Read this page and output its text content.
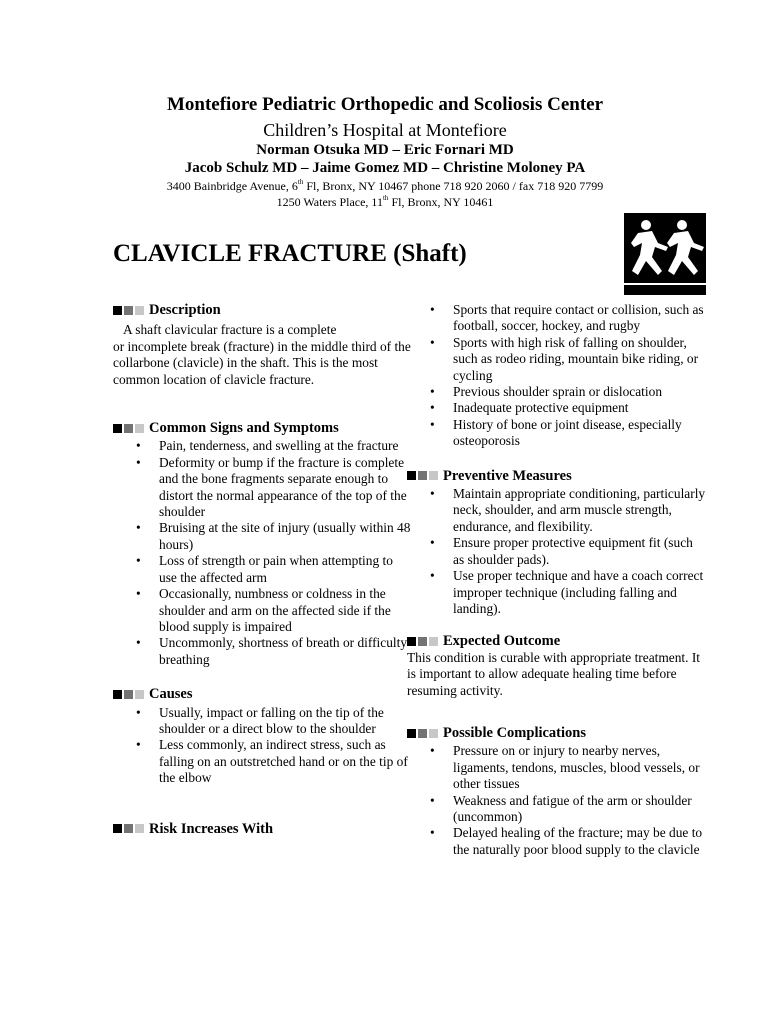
Montefiore Pediatric Orthopedic and Scoliosis Center
Children’s Hospital at Montefiore
Norman Otsuka MD – Eric Fornari MD
Jacob Schulz MD – Jaime Gomez MD – Christine Moloney PA
3400 Bainbridge Avenue, 6th Fl, Bronx, NY 10467 phone 718 920 2060 / fax 718 920 7799
1250 Waters Place, 11th Fl, Bronx, NY 10461
CLAVICLE FRACTURE (Shaft)
Description

A shaft clavicular fracture is a complete

or incomplete break (fracture) in the middle third of the collarbone (clavicle) in the shaft. This is the most common location of clavicle fracture.

Common Signs and Symptoms
• Pain, tenderness, and swelling at the fracture
• Deformity or bump if the fracture is complete and the bone fragments separate enough to distort the normal appearance of the top of the shoulder
• Bruising at the site of injury (usually within 48 hours)
• Loss of strength or pain when attempting to use the affected arm
• Occasionally, numbness or coldness in the shoulder and arm on the affected side if the blood supply is impaired
• Uncommonly, shortness of breath or difficulty breathing
Causes
• Usually, impact or falling on the tip of the shoulder or a direct blow to the shoulder
• Less commonly, an indirect stress, such as falling on an outstretched hand or on the tip of the elbow
Risk Increases With
• Sports that require contact or collision, such as football, soccer, hockey, and rugby
• Sports with high risk of falling on shoulder, such as rodeo riding, mountain bike riding, or cycling
• Previous shoulder sprain or dislocation
• Inadequate protective equipment
• History of bone or joint disease, especially osteoporosis
Preventive Measures
• Maintain appropriate conditioning, particularly neck, shoulder, and arm muscle strength, endurance, and flexibility.
• Ensure proper protective equipment fit (such as shoulder pads).
• Use proper technique and have a coach correct improper technique (including falling and landing).
Expected Outcome

This condition is curable with appropriate treatment. It is important to allow adequate healing time before resuming activity.

Possible Complications
• Pressure on or injury to nearby nerves, ligaments, tendons, muscles, blood vessels, or other tissues
• Weakness and fatigue of the arm or shoulder (uncommon)
• Delayed healing of the fracture; may be due to the naturally poor blood supply to the clavicle
